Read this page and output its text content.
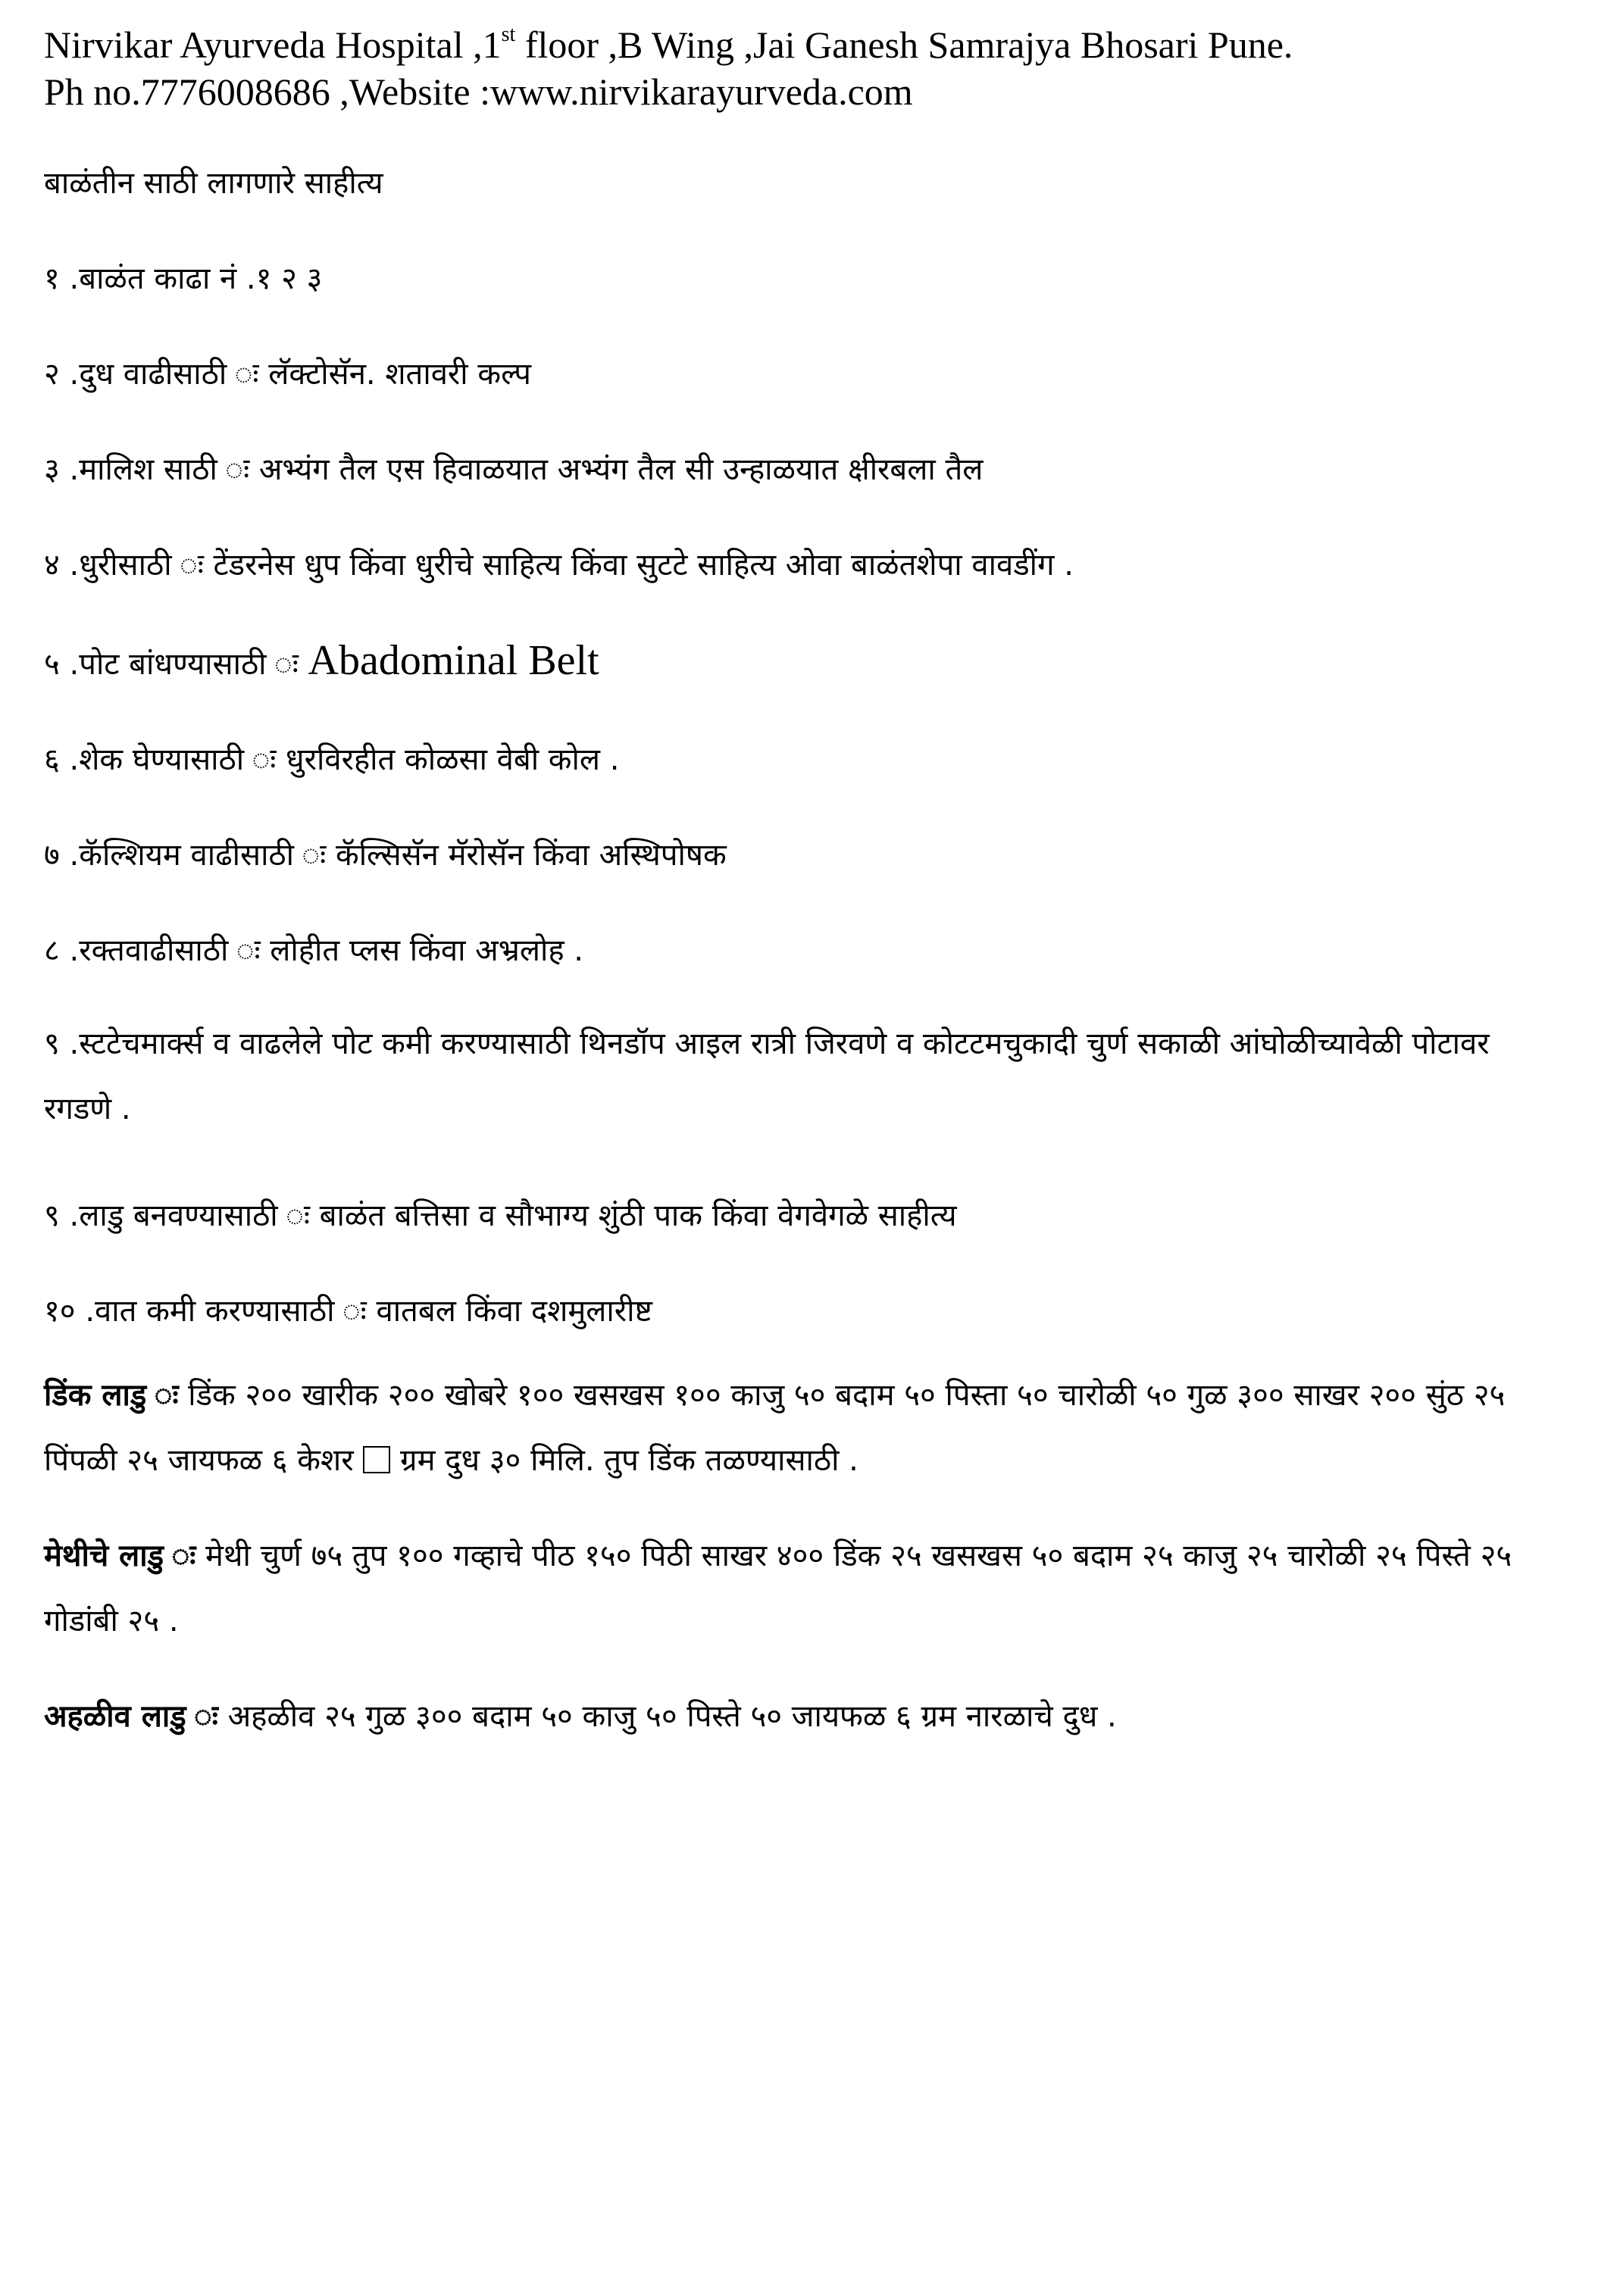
Nirvikar Ayurveda Hospital ,1st floor ,B Wing ,Jai Ganesh Samrajya Bhosari Pune.
Ph no.7776008686 ,Website :www.nirvikarayurveda.com
बाळंतीन साठी लागणारे साहीत्य
१ .बाळंत काढा नं .१ २ ३
२ .दुध वाढीसाठी ः लॅक्टोसॅन. शतावरी कल्प
३ .मालिश साठी ः अभ्यंग तैल एस हिवाळयात अभ्यंग तैल सी उन्हाळयात क्षीरबला तैल
४ .धुरीसाठी ः टेंडरनेस धुप किंवा धुरीचे साहित्य किंवा सुटटे साहित्य ओवा बाळंतशेपा वावडींग .
५ .पोट बांधण्यासाठी ः Abadominal Belt
६ .शेक घेण्यासाठी ः धुरविरहीत कोळसा वेबी कोल .
७ .कॅल्शियम वाढीसाठी ः कॅल्सिसॅन मॅरोसॅन किंवा अस्थिपोषक
८ .रक्तवाढीसाठी ः लोहीत प्लस किंवा अभ्रलोह .
९ .स्टटेचमार्क्स व वाढलेले पोट कमी करण्यासाठी थिनडॉप आइल रात्री जिरवणे व कोटटमचुकादी चुर्ण सकाळी आंघोळीच्यावेळी पोटावर रगडणे .
९ .लाडु बनवण्यासाठी ः बाळंत बत्तिसा व सौभाग्य शुंठी पाक किंवा वेगवेगळे साहीत्य
१० .वात कमी करण्यासाठी ः वातबल किंवा दशमुलारीष्ट
डिंक लाडु ः डिंक २०० खारीक २०० खोबरे १०० खसखस १०० काजु ५० बदाम ५० पिस्ता ५० चारोळी ५० गुळ ३०० साखर २०० सुंठ २५ पिंपळी २५ जायफळ ६ केशर  ग्रम दुध ३० मिलि. तुप डिंक तळण्यासाठी .
मेथीचे लाडु ः मेथी चुर्ण ७५ तुप १०० गव्हाचे पीठ १५० पिठी साखर ४०० डिंक २५ खसखस ५० बदाम २५ काजु २५ चारोळी २५ पिस्ते २५ गोडांबी २५ .
अहळीव लाडु ः अहळीव २५ गुळ ३०० बदाम ५० काजु ५० पिस्ते ५० जायफळ ६ ग्रम नारळाचे दुध .
